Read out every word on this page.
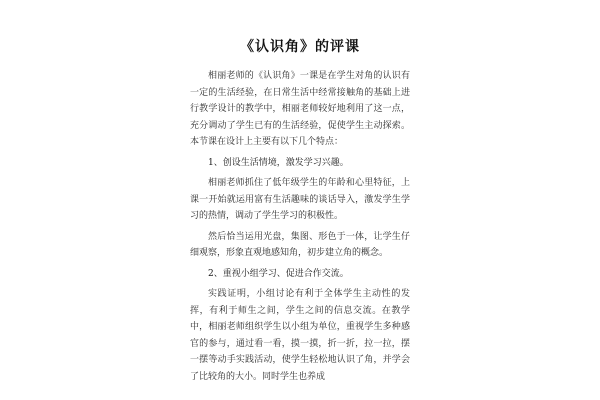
《认识角》的评课

相丽老师的《认识角》一课是在学生对角的认识有一定的生活经验，在日常生活中经常接触角的基础上进行教学设计的教学中，相丽老师较好地利用了这一点，充分调动了学生已有的生活经验，促使学生主动探索。本节课在设计上主要有以下几个特点：

1、创设生活情境，激发学习兴趣。

相丽老师抓住了低年级学生的年龄和心里特征，上课一开始就运用富有生活趣味的谈话导入，激发学生学习的热情，调动了学生学习的积极性。

然后恰当运用光盘，集图、形色于一体，让学生仔细观察，形象直观地感知角，初步建立角的概念。

2、重视小组学习、促进合作交流。

实践证明，小组讨论有利于全体学生主动性的发挥，有利于师生之间，学生之间的信息交流。在教学中，相丽老师组织学生以小组为单位，重视学生多种感官的参与，通过看一看，摸一摸，折一折，拉一拉，摆一摆等动手实践活动，使学生轻松地认识了角，并学会了比较角的大小。同时学生也养成
